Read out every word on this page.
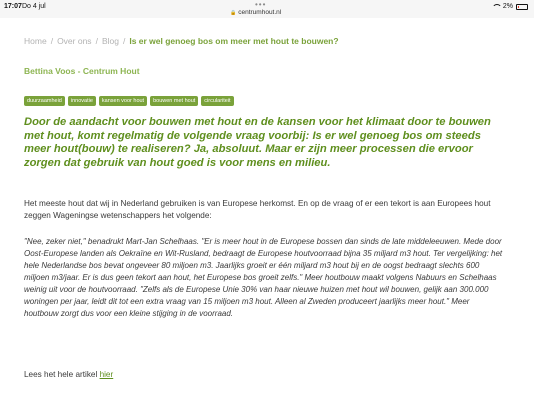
17:07 Do 4 jul	•••
🔒 centrumhout.nl
2%
Home / Over ons / Blog / Is er wel genoeg bos om meer met hout te bouwen?
Bettina Voos - Centrum Hout
duurzaamheid	innovatie	kansen voor hout	bouwen met hout	circulariteit

Door de aandacht voor bouwen met hout en de kansen voor het klimaat door te bouwen met hout, komt regelmatig de volgende vraag voorbij: Is er wel genoeg bos om steeds meer hout(bouw) te realiseren? Ja, absoluut. Maar er zijn meer processen die ervoor zorgen dat gebruik van hout goed is voor mens en milieu.

Het meeste hout dat wij in Nederland gebruiken is van Europese herkomst. En op de vraag of er een tekort is aan Europees hout zeggen Wageningse wetenschappers het volgende:

"Nee, zeker niet," benadrukt Mart-Jan Schelhaas. "Er is meer hout in de Europese bossen dan sinds de late middeleeuwen. Mede door Oost-Europese landen als Oekraïne en Wit-Rusland, bedraagt de Europese houtvoorraad bijna 35 miljard m3 hout. Ter vergelijking: het hele Nederlandse bos bevat ongeveer 80 miljoen m3. Jaarlijks groeit er één miljard m3 hout bij en de oogst bedraagt slechts 600 miljoen m3/jaar. Er is dus geen tekort aan hout, het Europese bos groeit zelfs." Meer houtbouw maakt volgens Nabuurs en Schelhaas weinig uit voor de houtvoorraad. "Zelfs als de Europese Unie 30% van haar nieuwe huizen met hout wil bouwen, gelijk aan 300.000 woningen per jaar, leidt dit tot een extra vraag van 15 miljoen m3 hout. Alleen al Zweden produceert jaarlijks meer hout." Meer houtbouw zorgt dus voor een kleine stijging in de voorraad.

Lees het hele artikel hier
